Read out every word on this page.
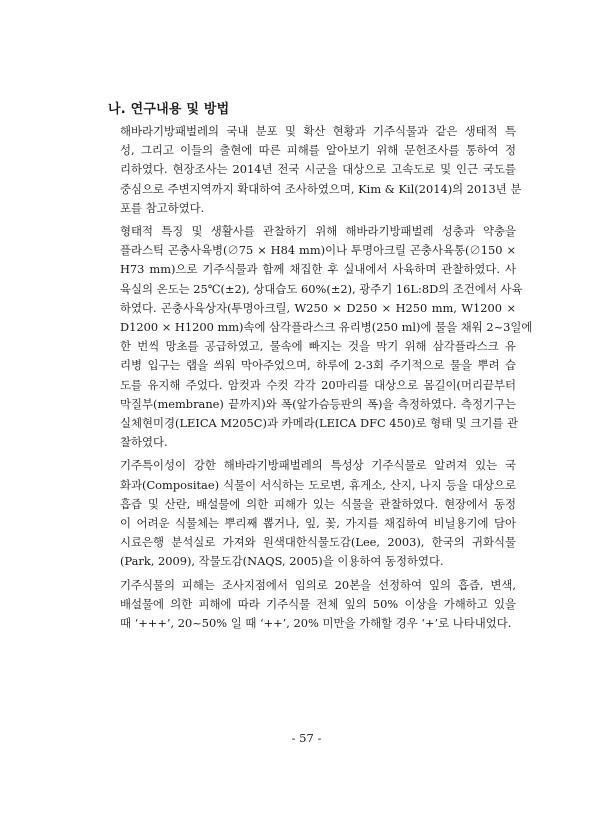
나. 연구내용 및 방법

해바라기방패벌레의 국내 분포 및 확산 현황과 기주식물과 같은 생태적 특
성, 그리고 이들의 출현에 따른 피해를 알아보기 위해 문헌조사를 통하여 정
리하였다. 현장조사는 2014년 전국 시군을 대상으로 고속도로 및 인근 국도를
중심으로 주변지역까지 확대하여 조사하였으며, Kim & Kil(2014)의 2013년 분
포를 참고하였다.

형태적 특징 및 생활사를 관찰하기 위해 해바라기방패벌레 성충과 약충을
플라스틱 곤충사육병(∅75 × H84 mm)이나 투명아크릴 곤충사육통(∅150 ×
H73 mm)으로 기주식물과 함께 채집한 후 실내에서 사육하며 관찰하였다. 사
육실의 온도는 25℃(±2), 상대습도 60%(±2), 광주기 16L:8D의 조건에서 사육
하였다. 곤충사육상자(투명아크릴, W250 × D250 × H250 mm, W1200 ×
D1200 × H1200 mm)속에 삼각플라스크 유리병(250 ml)에 물을 채워 2~3일에
한 번씩 망초를 공급하였고, 물속에 빠지는 것을 막기 위해 삼각플라스크 유
리병 입구는 랩을 씌워 막아주었으며, 하루에 2-3회 주기적으로 물을 뿌려 습
도를 유지해 주었다. 암컷과 수컷 각각 20마리를 대상으로 몸길이(머리끝부터
막질부(membrane) 끝까지)와 폭(앞가슴등판의 폭)을 측정하였다. 측정기구는
실체현미경(LEICA M205C)과 카메라(LEICA DFC 450)로 형태 및 크기를 관
찰하였다.

기주특이성이 강한 해바라기방패벌레의 특성상 기주식물로 알려져 있는 국
화과(Compositae) 식물이 서식하는 도로변, 휴게소, 산지, 나지 등을 대상으로
흡즙 및 산란, 배설물에 의한 피해가 있는 식물을 관찰하였다. 현장에서 동정
이 어려운 식물체는 뿌리째 뽑거나, 잎, 꽃, 가지를 채집하여 비닐용기에 담아
시료은행 분석실로 가져와 원색대한식물도감(Lee, 2003), 한국의 귀화식물
(Park, 2009), 작물도감(NAQS, 2005)을 이용하여 동정하였다.

기주식물의 피해는 조사지점에서 임의로 20본을 선정하여 잎의 흡즙, 변색,
배설물에 의한 피해에 따라 기주식물 전체 잎의 50% 이상을 가해하고 있을
때 ‘+++’, 20~50% 일 때 ‘++’, 20% 미만을 가해할 경우 ‘+’로 나타내었다.

- 57 -
